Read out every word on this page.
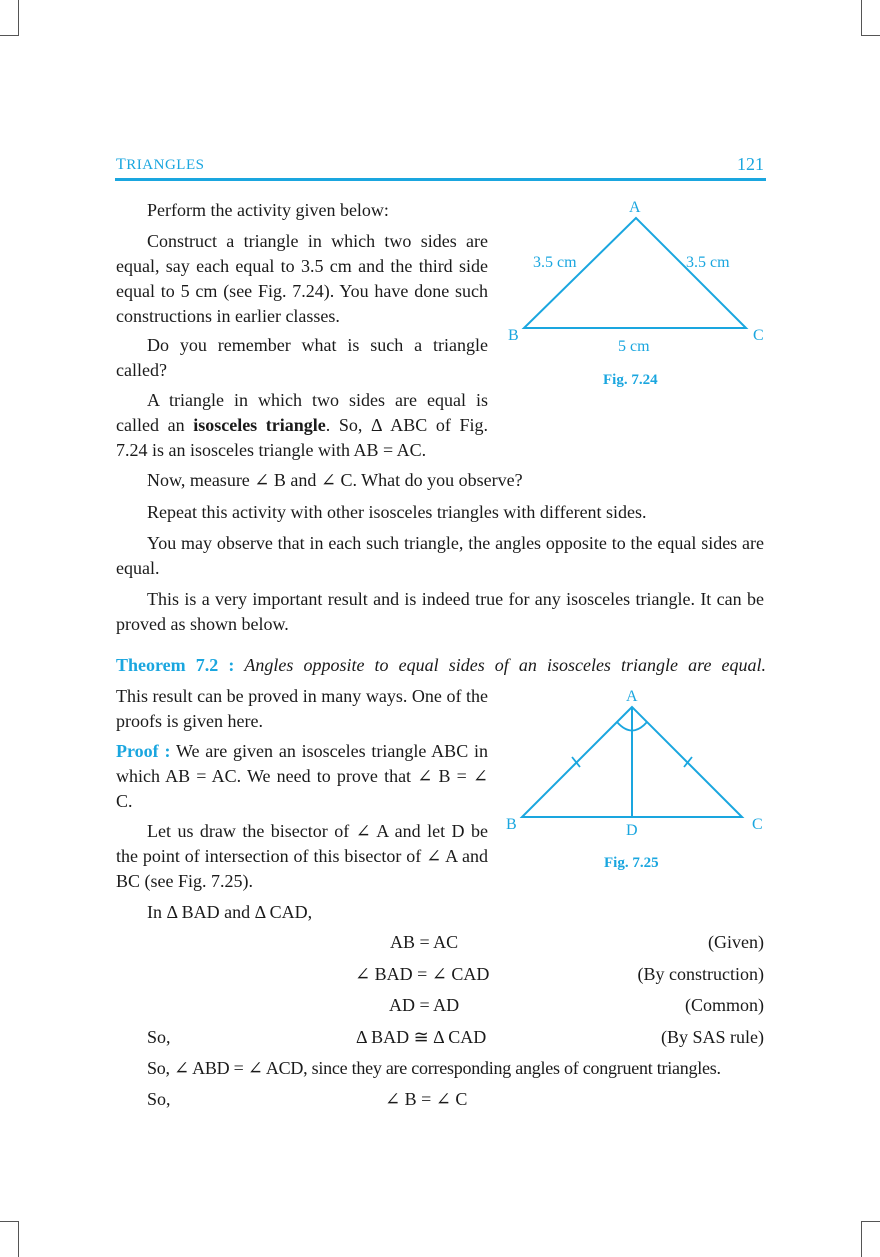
TRIANGLES	121
Perform the activity given below:
Construct a triangle in which two sides are equal, say each equal to 3.5 cm and the third side equal to 5 cm (see Fig. 7.24). You have done such constructions in earlier classes.
Do you remember what is such a triangle called?
A triangle in which two sides are equal is called an isosceles triangle. So, Δ ABC of Fig. 7.24 is an isosceles triangle with AB = AC.
A
B	C
3.5 cm	3.5 cm
5 cm
Fig. 7.24
Now, measure ∠ B and ∠ C. What do you observe?
Repeat this activity with other isosceles triangles with different sides.
You may observe that in each such triangle, the angles opposite to the equal sides are equal.
This is a very important result and is indeed true for any isosceles triangle. It can be proved as shown below.
Theorem 7.2 : Angles opposite to equal sides of an isosceles triangle are equal.
This result can be proved in many ways. One of the proofs is given here.
Proof : We are given an isosceles triangle ABC in which AB = AC. We need to prove that ∠ B = ∠ C.
Let us draw the bisector of ∠ A and let D be the point of intersection of this bisector of ∠ A and BC (see Fig. 7.25).
A
B	C
D
Fig. 7.25
In Δ BAD and Δ CAD,
AB = AC	(Given)
∠ BAD = ∠ CAD	(By construction)
AD = AD	(Common)
So,	Δ BAD ≅ Δ CAD	(By SAS rule)
So, ∠ ABD = ∠ ACD, since they are corresponding angles of congruent triangles.
So,	∠ B = ∠ C
